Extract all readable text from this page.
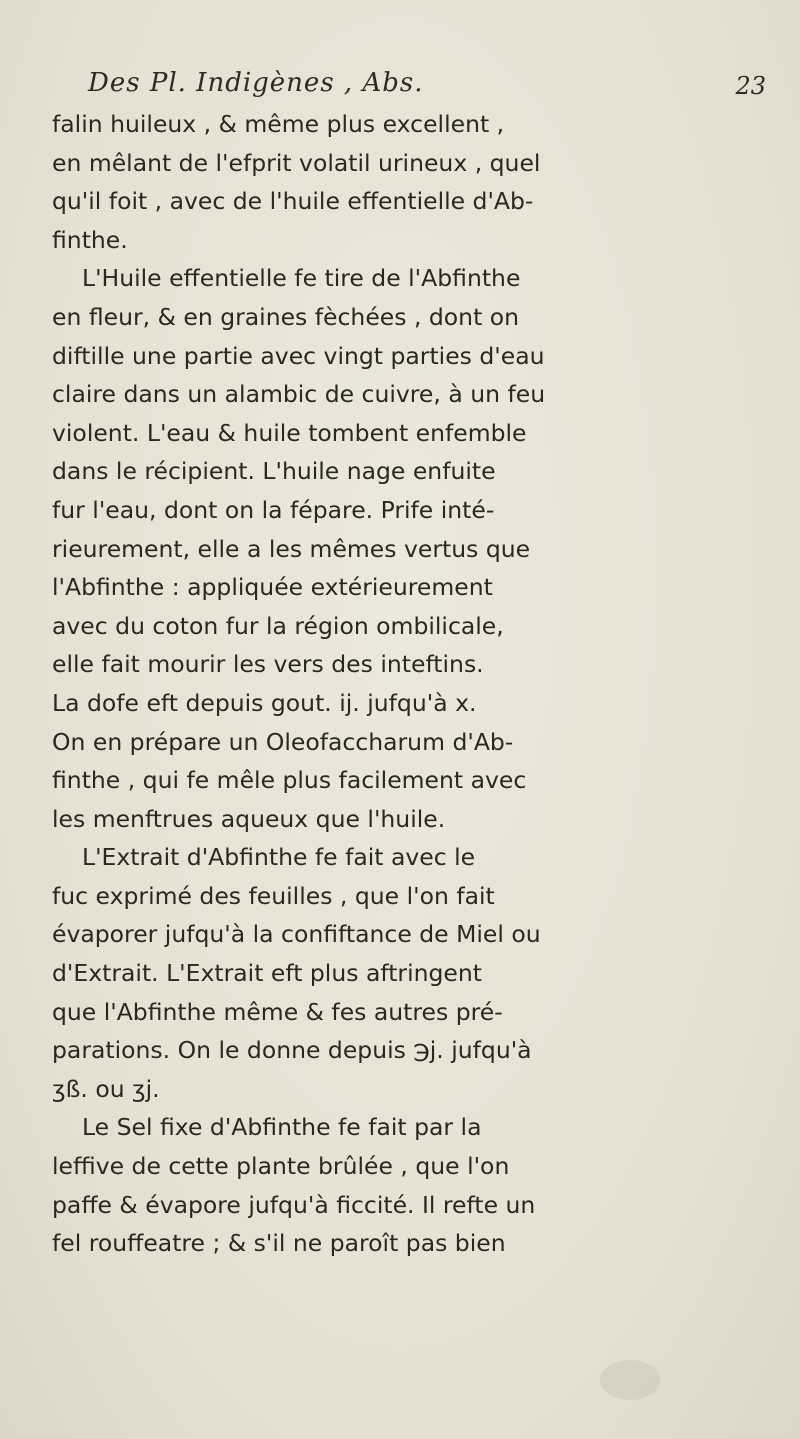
Des Pl. Indigènes , Abs.	23
falin huileux , & même plus excellent ,
en mêlant de l'efprit volatil urineux , quel
qu'il foit , avec de l'huile effentielle d'Ab-
finthe.
L'Huile effentielle fe tire de l'Abfinthe
en fleur, & en graines fèchées , dont on
diftille une partie avec vingt parties d'eau
claire dans un alambic de cuivre, à un feu
violent. L'eau & huile tombent enfemble
dans le récipient. L'huile nage enfuite
fur l'eau, dont on la fépare. Prife inté-
rieurement, elle a les mêmes vertus que
l'Abfinthe : appliquée extérieurement
avec du coton fur la région ombilicale,
elle fait mourir les vers des inteftins.
La dofe eft depuis gout. ij. jufqu'à x.
On en prépare un Oleofaccharum d'Ab-
finthe , qui fe mêle plus facilement avec
les menftrues aqueux que l'huile.
L'Extrait d'Abfinthe fe fait avec le
fuc exprimé des feuilles , que l'on fait
évaporer jufqu'à la confiftance de Miel ou
d'Extrait. L'Extrait eft plus aftringent
que l'Abfinthe même & fes autres pré-
parations. On le donne depuis ℈j. jufqu'à
ʒß. ou ʒj.
Le Sel fixe d'Abfinthe fe fait par la
leffive de cette plante brûlée , que l'on
paffe & évapore jufqu'à ficcité. Il refte un
fel rouffeatre ; & s'il ne paroît pas bien
